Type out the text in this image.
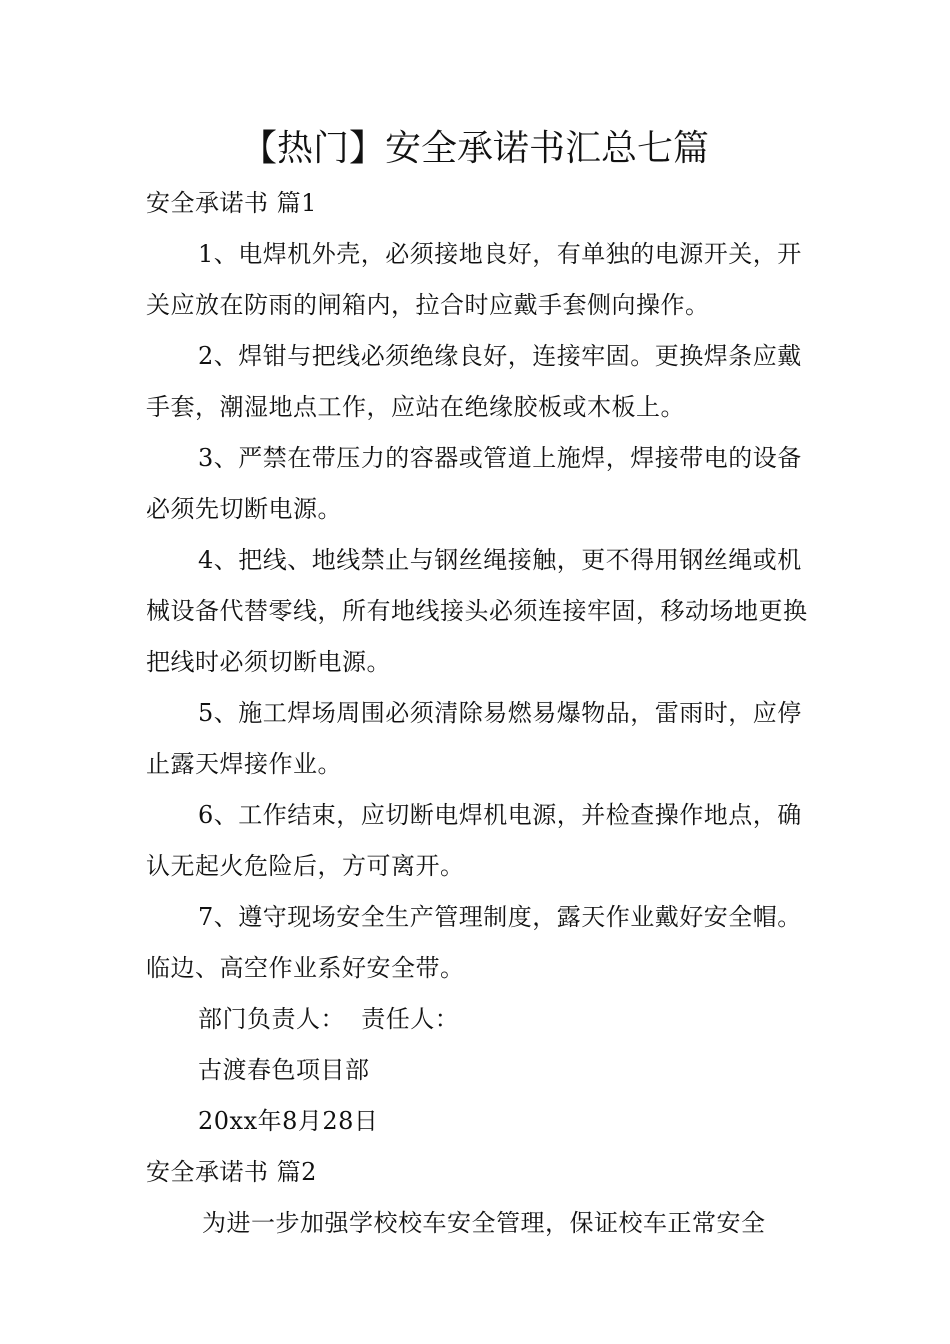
【热门】安全承诺书汇总七篇

安全承诺书 篇1

1、电焊机外壳，必须接地良好，有单独的电源开关，开关应放在防雨的闸箱内，拉合时应戴手套侧向操作。

2、焊钳与把线必须绝缘良好，连接牢固。更换焊条应戴手套，潮湿地点工作，应站在绝缘胶板或木板上。

3、严禁在带压力的容器或管道上施焊，焊接带电的设备必须先切断电源。

4、把线、地线禁止与钢丝绳接触，更不得用钢丝绳或机械设备代替零线，所有地线接头必须连接牢固，移动场地更换把线时必须切断电源。

5、施工焊场周围必须清除易燃易爆物品，雷雨时，应停止露天焊接作业。

6、工作结束，应切断电焊机电源，并检查操作地点，确认无起火危险后，方可离开。

7、遵守现场安全生产管理制度，露天作业戴好安全帽。临边、高空作业系好安全带。

部门负责人：  责任人：

古渡春色项目部

20xx年8月28日

安全承诺书 篇2

为进一步加强学校校车安全管理，保证校车正常安全
